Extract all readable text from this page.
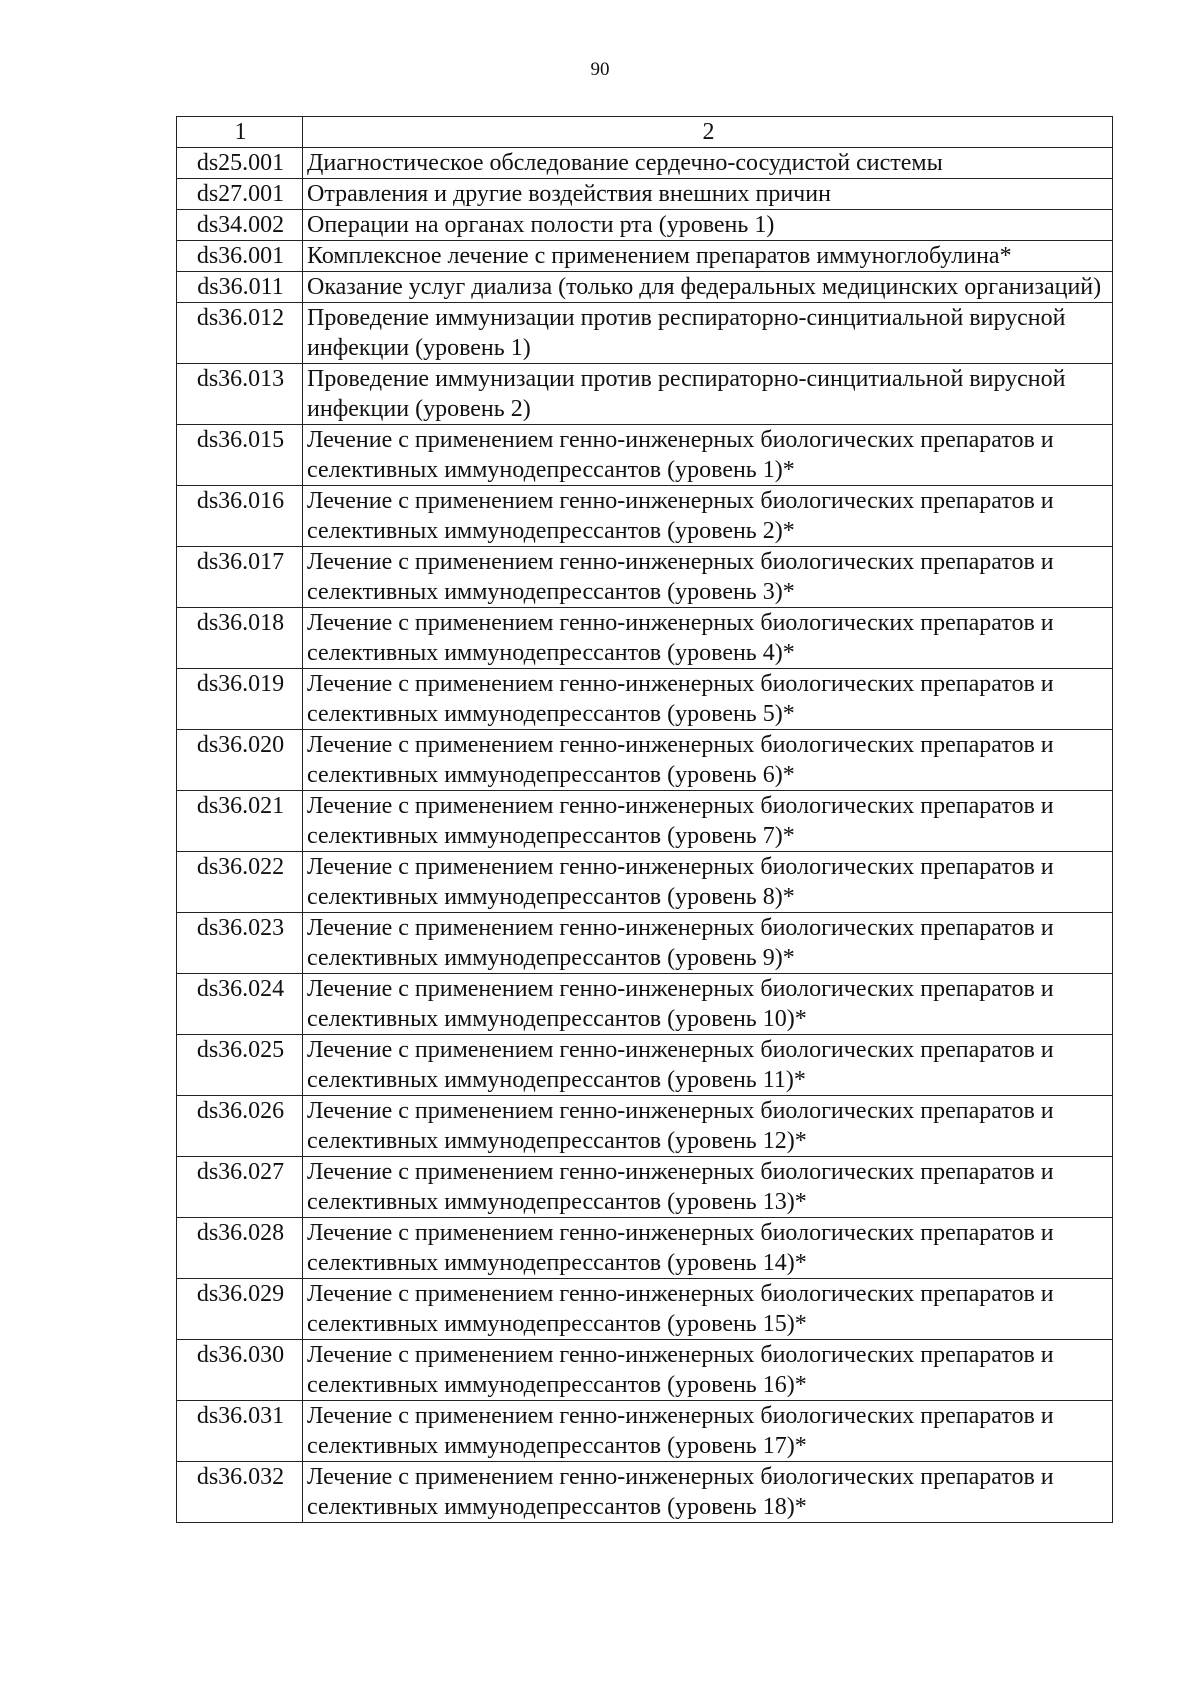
90
1	2
ds25.001	Диагностическое обследование сердечно-сосудистой системы
ds27.001	Отравления и другие воздействия внешних причин
ds34.002	Операции на органах полости рта (уровень 1)
ds36.001	Комплексное лечение с применением препаратов иммуноглобулина*
ds36.011	Оказание услуг диализа (только для федеральных медицинских организаций)
ds36.012	Проведение иммунизации против респираторно-синцитиальной вирусной инфекции (уровень 1)
ds36.013	Проведение иммунизации против респираторно-синцитиальной вирусной инфекции (уровень 2)
ds36.015	Лечение с применением генно-инженерных биологических препаратов и селективных иммунодепрессантов (уровень 1)*
ds36.016	Лечение с применением генно-инженерных биологических препаратов и селективных иммунодепрессантов (уровень 2)*
ds36.017	Лечение с применением генно-инженерных биологических препаратов и селективных иммунодепрессантов (уровень 3)*
ds36.018	Лечение с применением генно-инженерных биологических препаратов и селективных иммунодепрессантов (уровень 4)*
ds36.019	Лечение с применением генно-инженерных биологических препаратов и селективных иммунодепрессантов (уровень 5)*
ds36.020	Лечение с применением генно-инженерных биологических препаратов и селективных иммунодепрессантов (уровень 6)*
ds36.021	Лечение с применением генно-инженерных биологических препаратов и селективных иммунодепрессантов (уровень 7)*
ds36.022	Лечение с применением генно-инженерных биологических препаратов и селективных иммунодепрессантов (уровень 8)*
ds36.023	Лечение с применением генно-инженерных биологических препаратов и селективных иммунодепрессантов (уровень 9)*
ds36.024	Лечение с применением генно-инженерных биологических препаратов и селективных иммунодепрессантов (уровень 10)*
ds36.025	Лечение с применением генно-инженерных биологических препаратов и селективных иммунодепрессантов (уровень 11)*
ds36.026	Лечение с применением генно-инженерных биологических препаратов и селективных иммунодепрессантов (уровень 12)*
ds36.027	Лечение с применением генно-инженерных биологических препаратов и селективных иммунодепрессантов (уровень 13)*
ds36.028	Лечение с применением генно-инженерных биологических препаратов и селективных иммунодепрессантов (уровень 14)*
ds36.029	Лечение с применением генно-инженерных биологических препаратов и селективных иммунодепрессантов (уровень 15)*
ds36.030	Лечение с применением генно-инженерных биологических препаратов и селективных иммунодепрессантов (уровень 16)*
ds36.031	Лечение с применением генно-инженерных биологических препаратов и селективных иммунодепрессантов (уровень 17)*
ds36.032	Лечение с применением генно-инженерных биологических препаратов и селективных иммунодепрессантов (уровень 18)*
